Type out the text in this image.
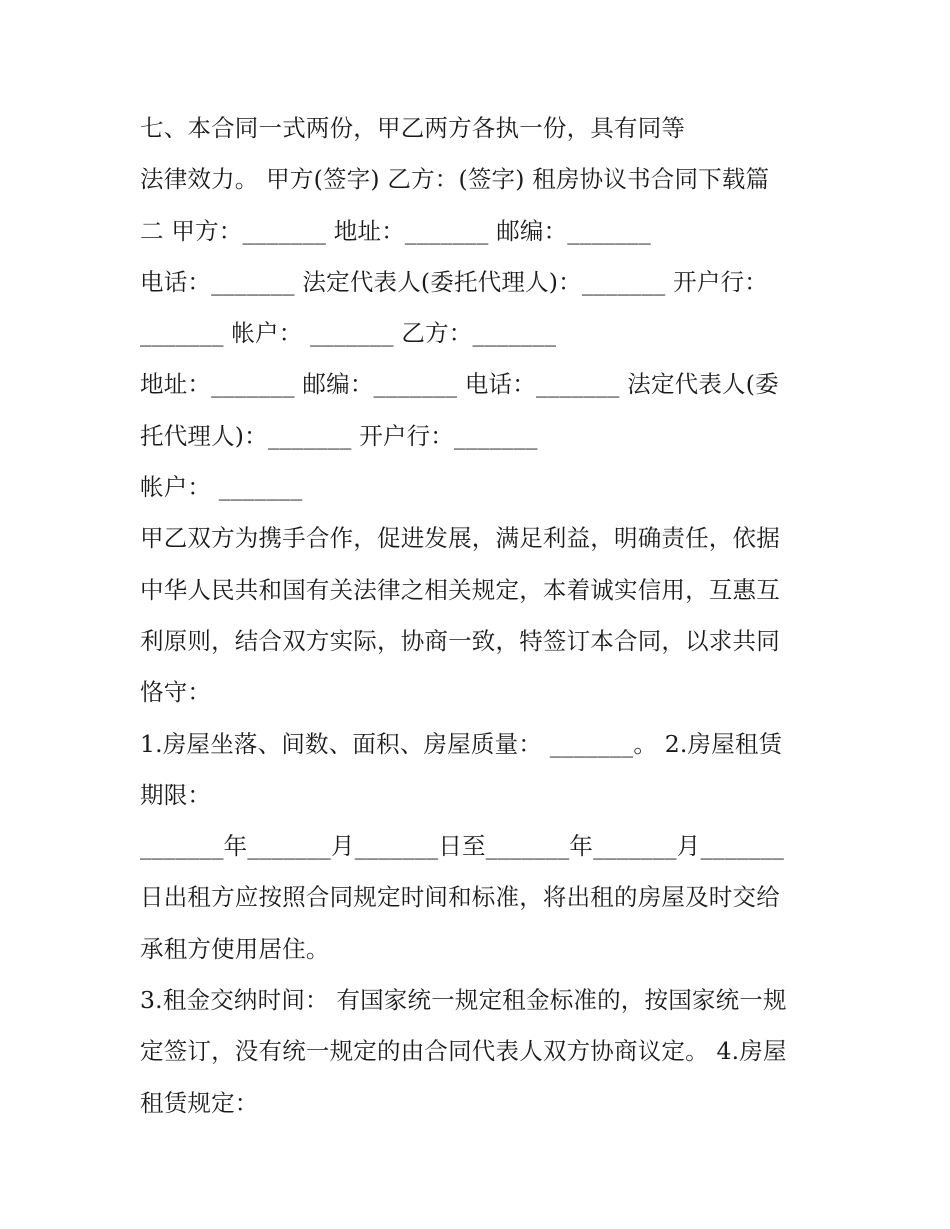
七、本合同一式两份，甲乙两方各执一份，具有同等
法律效力。 甲方(签字) 乙方：(签字) 租房协议书合同下载篇
二 甲方：_______ 地址：_______ 邮编：_______
电话：_______ 法定代表人(委托代理人)：_______ 开户行：
_______ 帐户： _______ 乙方：_______
地址：_______ 邮编：_______ 电话：_______ 法定代表人(委
托代理人)：_______ 开户行：_______
帐户： _______
甲乙双方为携手合作，促进发展，满足利益，明确责任，依据
中华人民共和国有关法律之相关规定，本着诚实信用，互惠互
利原则，结合双方实际，协商一致，特签订本合同，以求共同
恪守：
1.房屋坐落、间数、面积、房屋质量： _______。 2.房屋租赁
期限：
_______年_______月_______日至_______年_______月_______
日出租方应按照合同规定时间和标准，将出租的房屋及时交给
承租方使用居住。
3.租金交纳时间： 有国家统一规定租金标准的，按国家统一规
定签订，没有统一规定的由合同代表人双方协商议定。 4.房屋
租赁规定：
